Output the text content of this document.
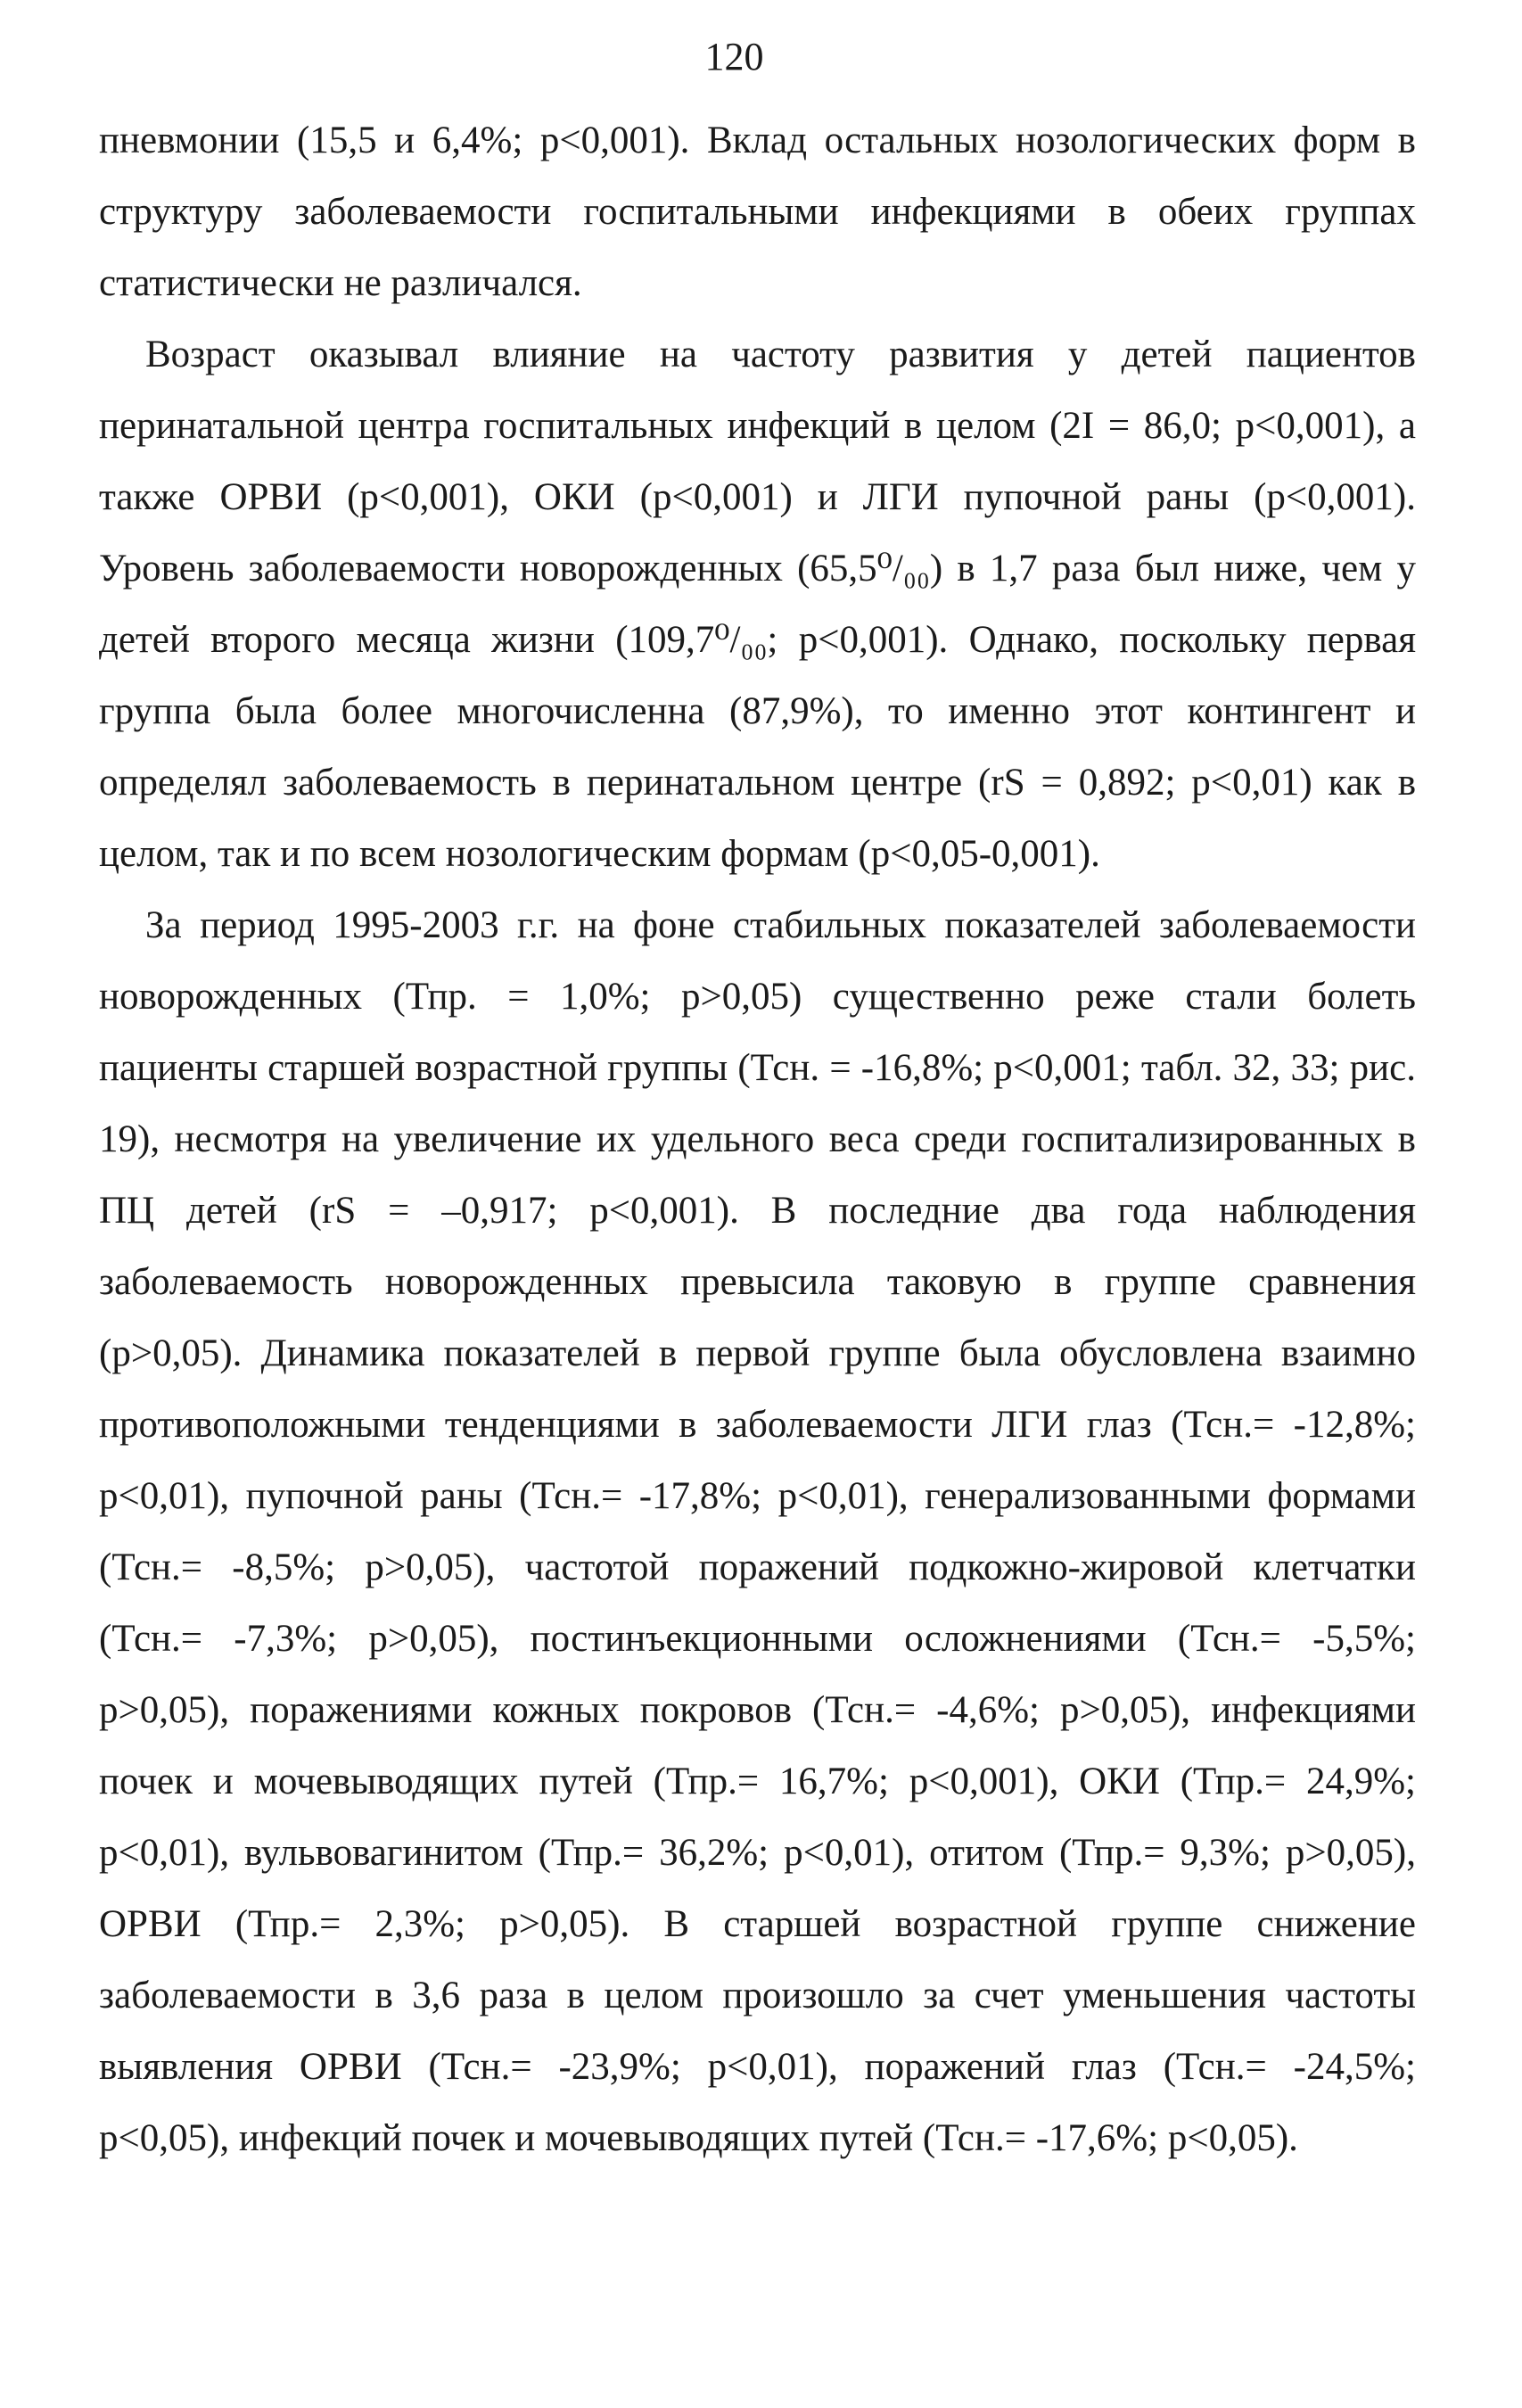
120

пневмонии (15,5 и 6,4%; p<0,001). Вклад остальных нозологических форм в
структуру заболеваемости госпитальными инфекциями в обеих группах
статистически не различался.

Возраст оказывал влияние на частоту развития у детей пациентов
перинатальной центра госпитальных инфекций в целом (2I = 86,0; p<0,001), а
также ОРВИ (p<0,001), ОКИ (p<0,001) и ЛГИ пупочной раны (p<0,001).
Уровень заболеваемости новорожденных (65,5⁰/₀₀) в 1,7 раза был ниже, чем у
детей второго месяца жизни (109,7⁰/₀₀; p<0,001). Однако, поскольку первая
группа была более многочисленна (87,9%), то именно этот контингент и
определял заболеваемость в перинатальном центре (rS = 0,892; p<0,01) как в
целом, так и по всем нозологическим формам (p<0,05-0,001).

За период 1995-2003 г.г. на фоне стабильных показателей заболеваемости
новорожденных (Тпр. = 1,0%; p>0,05) существенно реже стали болеть
пациенты старшей возрастной группы (Тсн. = -16,8%; p<0,001; табл. 32, 33; рис.
19), несмотря на увеличение их удельного веса среди госпитализированных в
ПЦ детей (rS = –0,917; p<0,001). В последние два года наблюдения
заболеваемость новорожденных превысила таковую в группе сравнения
(p>0,05). Динамика показателей в первой группе была обусловлена взаимно
противоположными тенденциями в заболеваемости ЛГИ глаз (Тсн.= -12,8%;
p<0,01), пупочной раны (Тсн.= -17,8%; p<0,01), генерализованными формами
(Тсн.= -8,5%; p>0,05), частотой поражений подкожно-жировой клетчатки
(Тсн.= -7,3%; p>0,05), постинъекционными осложнениями (Тсн.= -5,5%;
p>0,05), поражениями кожных покровов (Тсн.= -4,6%; p>0,05), инфекциями
почек и мочевыводящих путей (Тпр.= 16,7%; p<0,001), ОКИ (Тпр.= 24,9%;
p<0,01), вульвовагинитом (Тпр.= 36,2%; p<0,01), отитом (Тпр.= 9,3%; p>0,05),
ОРВИ (Тпр.= 2,3%; p>0,05). В старшей возрастной группе снижение
заболеваемости в 3,6 раза в целом произошло за счет уменьшения частоты
выявления ОРВИ (Тсн.= -23,9%; p<0,01), поражений глаз (Тсн.= -24,5%;
p<0,05), инфекций почек и мочевыводящих путей (Тсн.= -17,6%; p<0,05).
